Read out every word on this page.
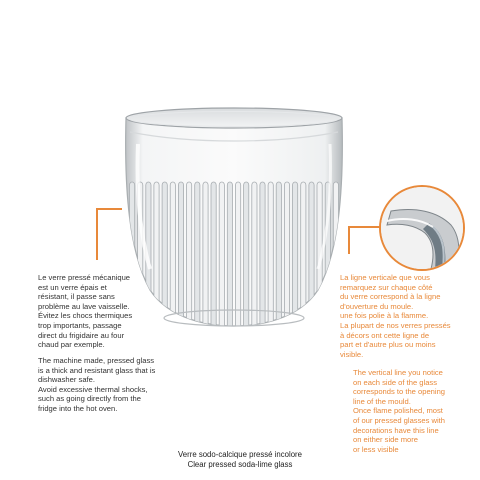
Le verre pressé mécanique
est un verre épais et
résistant, il passe sans
problème au lave vaisselle.
Évitez les chocs thermiques
trop importants, passage
direct du frigidaire au four
chaud par exemple.

The machine made, pressed glass
is a thick and resistant glass that is
dishwasher safe.
Avoid excessive thermal shocks,
such as going directly from the
fridge into the hot oven.

La ligne verticale que vous
remarquez sur chaque côté
du verre correspond à la ligne
d'ouverture du moule.
une fois polie à la flamme.
La plupart de nos verres pressés
à décors ont cette ligne de
part et d'autre plus ou moins
visible.

The vertical line you notice
on each side of the glass
corresponds to the opening
line of the mould.
Once flame polished, most
of our pressed glasses with
decorations have this line
on either side more
or less visible

Verre sodo-calcique pressé incolore
Clear pressed soda-lime glass
